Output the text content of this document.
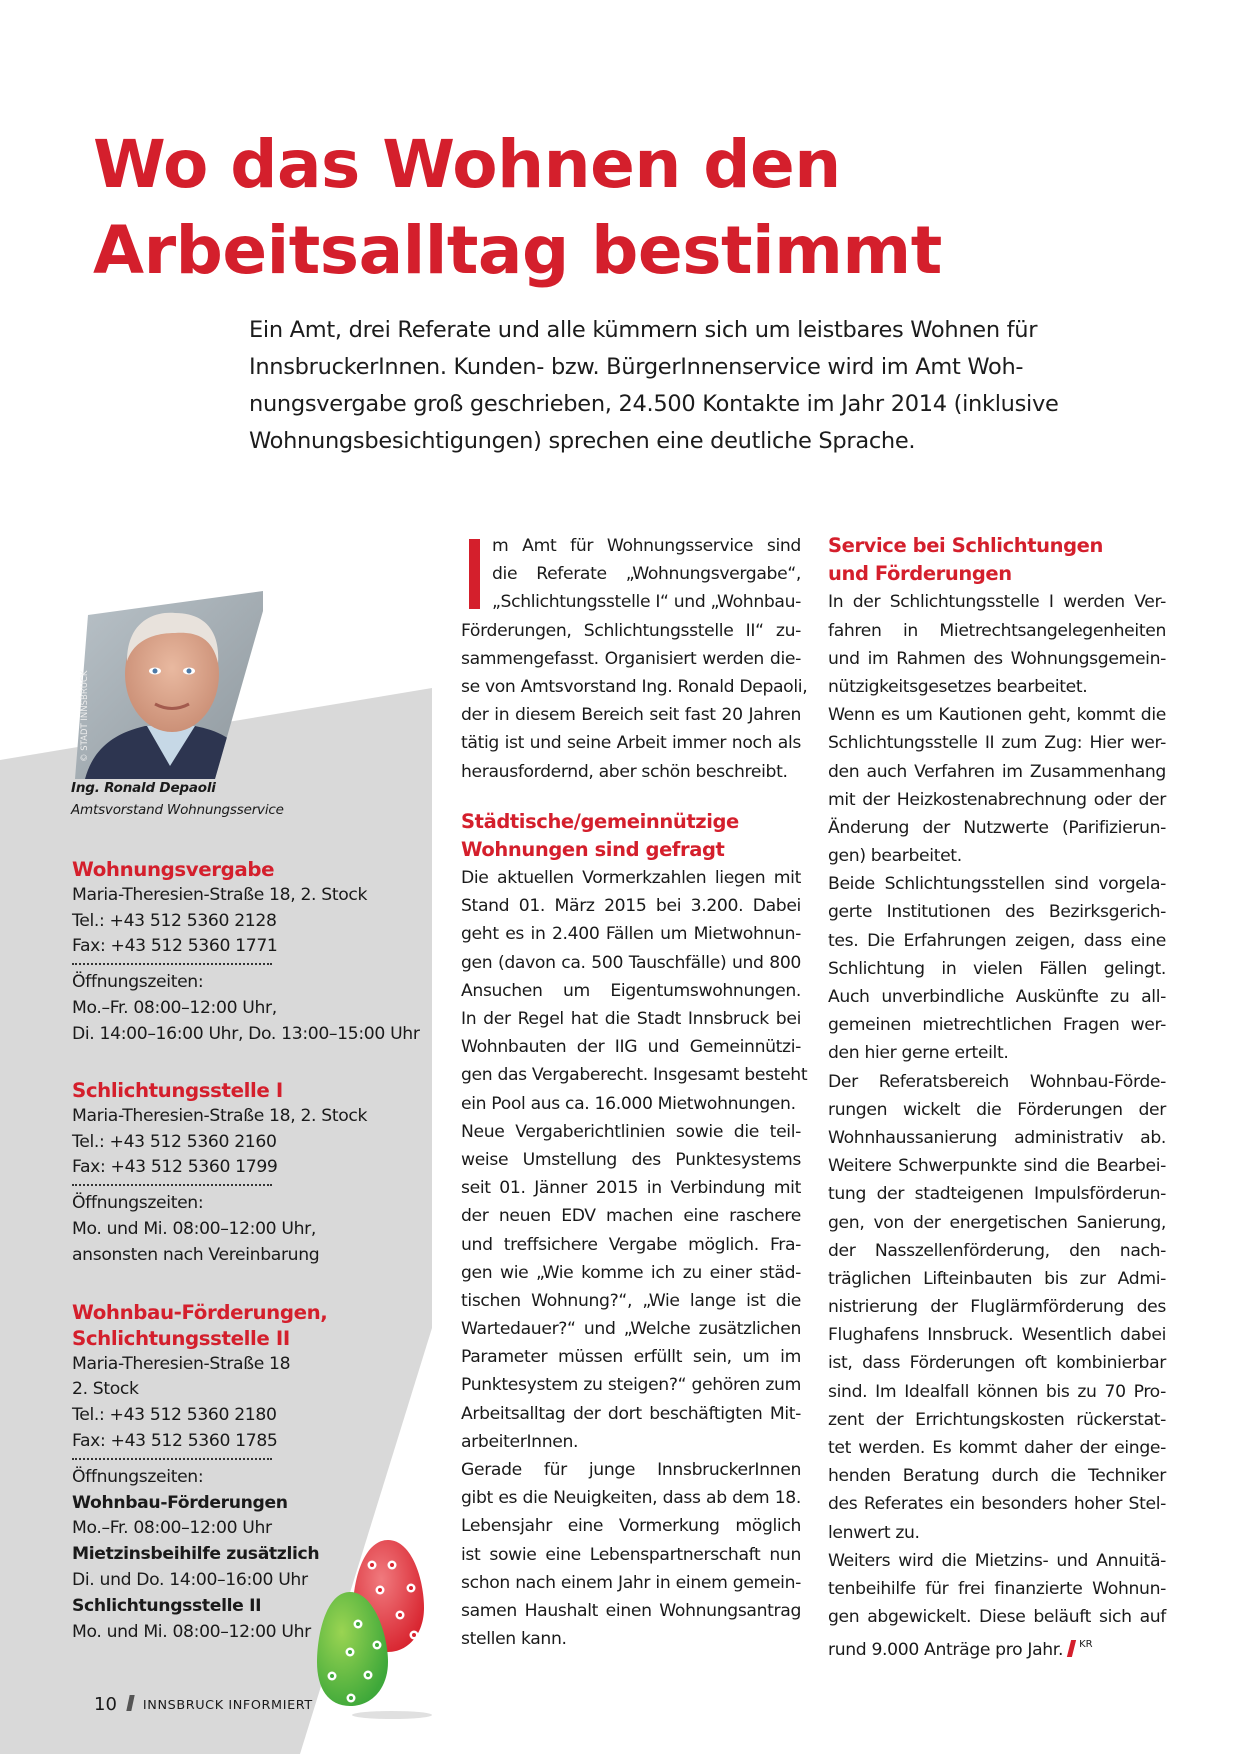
Wo das Wohnen den
Arbeitsalltag bestimmt
Ein Amt, drei Referate und alle kümmern sich um leistbares Wohnen für
InnsbruckerInnen. Kunden- bzw. BürgerInnenservice wird im Amt Woh-
nungsvergabe groß geschrieben, 24.500 Kontakte im Jahr 2014 (inklusive
Wohnungsbesichtigungen) sprechen eine deutliche Sprache.
© STADT INNSBRUCK
Ing. Ronald Depaoli
Amtsvorstand Wohnungsservice
Wohnungsvergabe
Maria-Theresien-Straße 18, 2. Stock
Tel.: +43 512 5360 2128
Fax: +43 512 5360 1771
Öffnungszeiten:
Mo.–Fr. 08:00–12:00 Uhr,
Di. 14:00–16:00 Uhr, Do. 13:00–15:00 Uhr
Schlichtungsstelle I
Maria-Theresien-Straße 18, 2. Stock
Tel.: +43 512 5360 2160
Fax: +43 512 5360 1799
Öffnungszeiten:
Mo. und Mi. 08:00–12:00 Uhr,
ansonsten nach Vereinbarung
Wohnbau-Förderungen,
Schlichtungsstelle II
Maria-Theresien-Straße 18
2. Stock
Tel.: +43 512 5360 2180
Fax: +43 512 5360 1785
Öffnungszeiten:
Wohnbau-Förderungen
Mo.–Fr. 08:00–12:00 Uhr
Mietzinsbeihilfe zusätzlich
Di. und Do. 14:00–16:00 Uhr
Schlichtungsstelle II
Mo. und Mi. 08:00–12:00 Uhr
m Amt für Wohnungsservice sind
die Referate „Wohnungsvergabe“,
„Schlichtungsstelle I“ und „Wohnbau-
Förderungen, Schlichtungsstelle II“ zu-
sammengefasst. Organisiert werden die-
se von Amtsvorstand Ing. Ronald Depaoli,
der in diesem Bereich seit fast 20 Jahren
tätig ist und seine Arbeit immer noch als
herausfordernd, aber schön beschreibt.
Städtische/gemeinnützige
Wohnungen sind gefragt
Die aktuellen Vormerkzahlen liegen mit
Stand 01. März 2015 bei 3.200. Dabei
geht es in 2.400 Fällen um Mietwohnun-
gen (davon ca. 500 Tauschfälle) und 800
Ansuchen um Eigentumswohnungen.
In der Regel hat die Stadt Innsbruck bei
Wohnbauten der IIG und Gemeinnützi-
gen das Vergaberecht. Insgesamt besteht
ein Pool aus ca. 16.000 Mietwohnungen.
Neue Vergaberichtlinien sowie die teil-
weise Umstellung des Punktesystems
seit 01. Jänner 2015 in Verbindung mit
der neuen EDV machen eine raschere
und treffsichere Vergabe möglich. Fra-
gen wie „Wie komme ich zu einer städ-
tischen Wohnung?“, „Wie lange ist die
Wartedauer?“ und „Welche zusätzlichen
Parameter müssen erfüllt sein, um im
Punktesystem zu steigen?“ gehören zum
Arbeitsalltag der dort beschäftigten Mit-
arbeiterInnen.
Gerade für junge InnsbruckerInnen
gibt es die Neuigkeiten, dass ab dem 18.
Lebensjahr eine Vormerkung möglich
ist sowie eine Lebenspartnerschaft nun
schon nach einem Jahr in einem gemein-
samen Haushalt einen Wohnungsantrag
stellen kann.
Service bei Schlichtungen
und Förderungen
In der Schlichtungsstelle I werden Ver-
fahren in Mietrechtsangelegenheiten
und im Rahmen des Wohnungsgemein-
nützigkeitsgesetzes bearbeitet.
Wenn es um Kautionen geht, kommt die
Schlichtungsstelle II zum Zug: Hier wer-
den auch Verfahren im Zusammenhang
mit der Heizkostenabrechnung oder der
Änderung der Nutzwerte (Parifizierun-
gen) bearbeitet.
Beide Schlichtungsstellen sind vorgela-
gerte Institutionen des Bezirksgerich-
tes. Die Erfahrungen zeigen, dass eine
Schlichtung in vielen Fällen gelingt.
Auch unverbindliche Auskünfte zu all-
gemeinen mietrechtlichen Fragen wer-
den hier gerne erteilt.
Der Referatsbereich Wohnbau-Förde-
rungen wickelt die Förderungen der
Wohnhaussanierung administrativ ab.
Weitere Schwerpunkte sind die Bearbei-
tung der stadteigenen Impulsförderun-
gen, von der energetischen Sanierung,
der Nasszellenförderung, den nach-
träglichen Lifteinbauten bis zur Admi-
nistrierung der Fluglärmförderung des
Flughafens Innsbruck. Wesentlich dabei
ist, dass Förderungen oft kombinierbar
sind. Im Idealfall können bis zu 70 Pro-
zent der Errichtungskosten rückerstat-
tet werden. Es kommt daher der einge-
henden Beratung durch die Techniker
des Referates ein besonders hoher Stel-
lenwert zu.
Weiters wird die Mietzins- und Annuitä-
tenbeihilfe für frei finanzierte Wohnun-
gen abgewickelt. Diese beläuft sich auf
rund 9.000 Anträge pro Jahr. $^{KR}$
10 INNSBRUCK INFORMIERT
